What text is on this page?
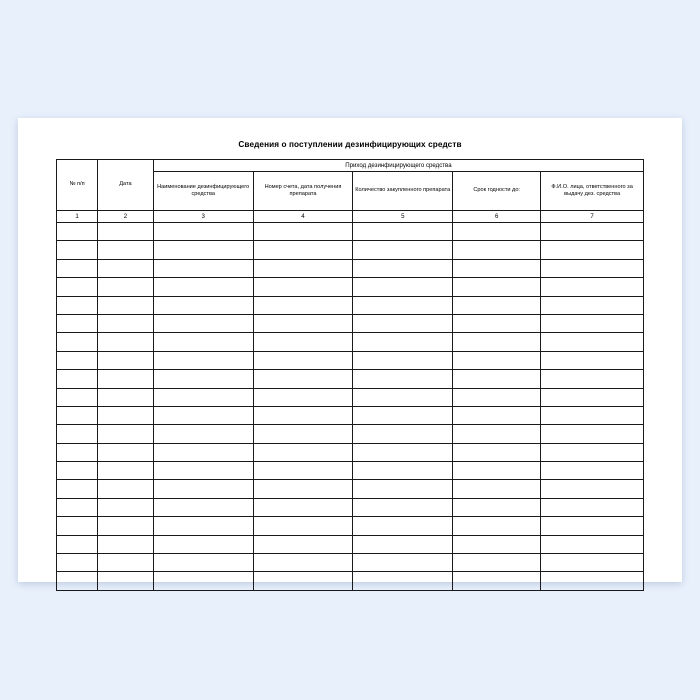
Сведения о поступлении дезинфицирующих средств
№ п/п	Дата	Приход дезинфицирующего средства				
		Наименование дезинфицирующего средства	Номер счета, дата получения препарата	Количество закупленного препарата	Срок годности до:	Ф.И.О. лица, ответственного за выдачу дез. средства
1	2	3	4	5	6	7
